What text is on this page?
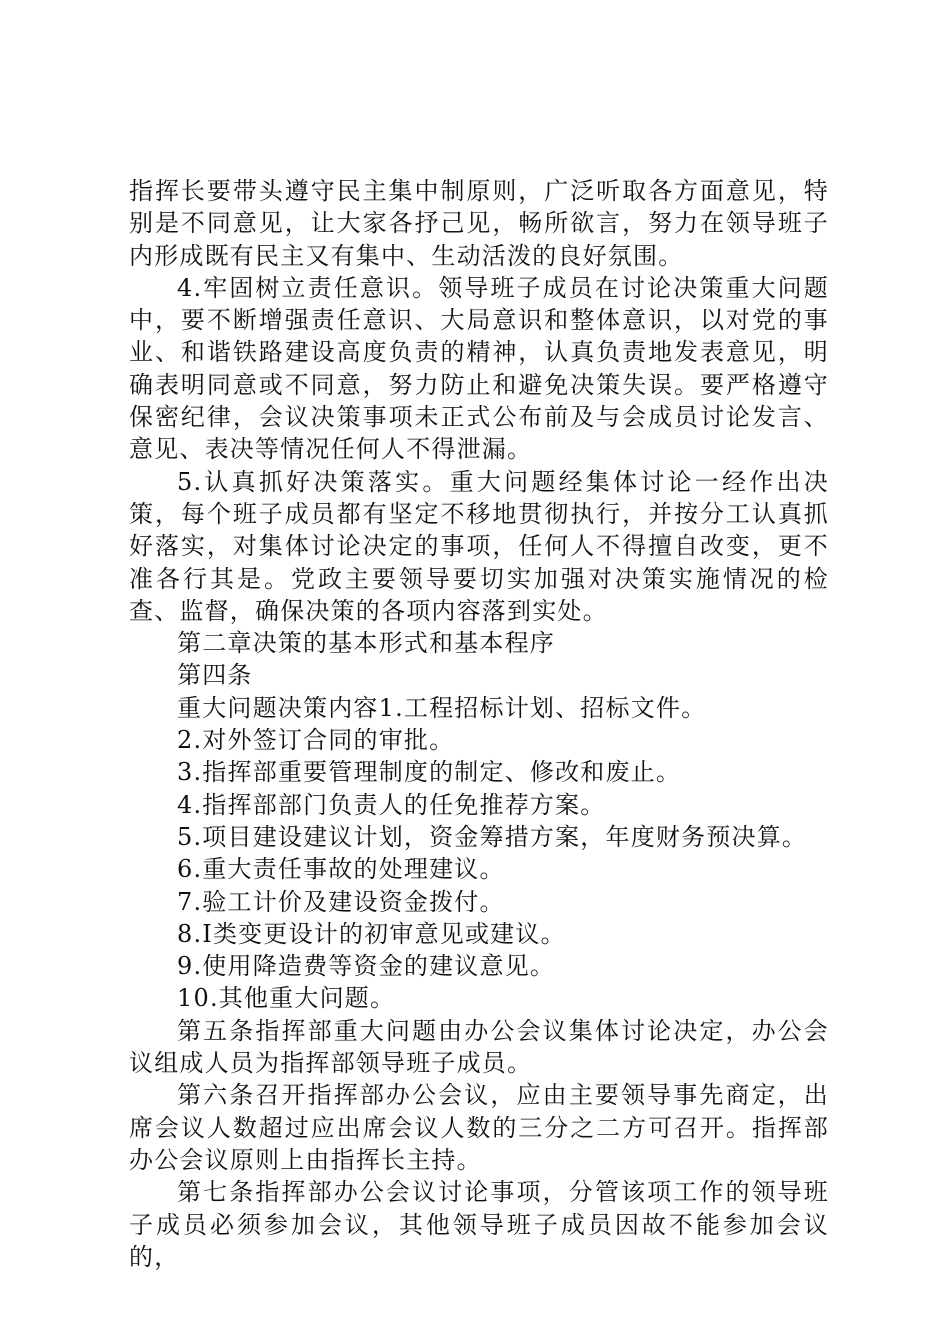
指挥长要带头遵守民主集中制原则，广泛听取各方面意见，特别是不同意见，让大家各抒己见，畅所欲言，努力在领导班子内形成既有民主又有集中、生动活泼的良好氛围。

4.牢固树立责任意识。领导班子成员在讨论决策重大问题中，要不断增强责任意识、大局意识和整体意识，以对党的事业、和谐铁路建设高度负责的精神，认真负责地发表意见，明确表明同意或不同意，努力防止和避免决策失误。要严格遵守保密纪律，会议决策事项未正式公布前及与会成员讨论发言、意见、表决等情况任何人不得泄漏。

5.认真抓好决策落实。重大问题经集体讨论一经作出决策，每个班子成员都有坚定不移地贯彻执行，并按分工认真抓好落实，对集体讨论决定的事项，任何人不得擅自改变，更不准各行其是。党政主要领导要切实加强对决策实施情况的检查、监督，确保决策的各项内容落到实处。

第二章决策的基本形式和基本程序

第四条

重大问题决策内容1.工程招标计划、招标文件。

2.对外签订合同的审批。

3.指挥部重要管理制度的制定、修改和废止。

4.指挥部部门负责人的任免推荐方案。

5.项目建设建议计划，资金筹措方案，年度财务预决算。

6.重大责任事故的处理建议。

7.验工计价及建设资金拨付。

8.Ⅰ类变更设计的初审意见或建议。

9.使用降造费等资金的建议意见。

10.其他重大问题。

第五条指挥部重大问题由办公会议集体讨论决定，办公会议组成人员为指挥部领导班子成员。

第六条召开指挥部办公会议，应由主要领导事先商定，出席会议人数超过应出席会议人数的三分之二方可召开。指挥部办公会议原则上由指挥长主持。

第七条指挥部办公会议讨论事项，分管该项工作的领导班子成员必须参加会议，其他领导班子成员因故不能参加会议的，
